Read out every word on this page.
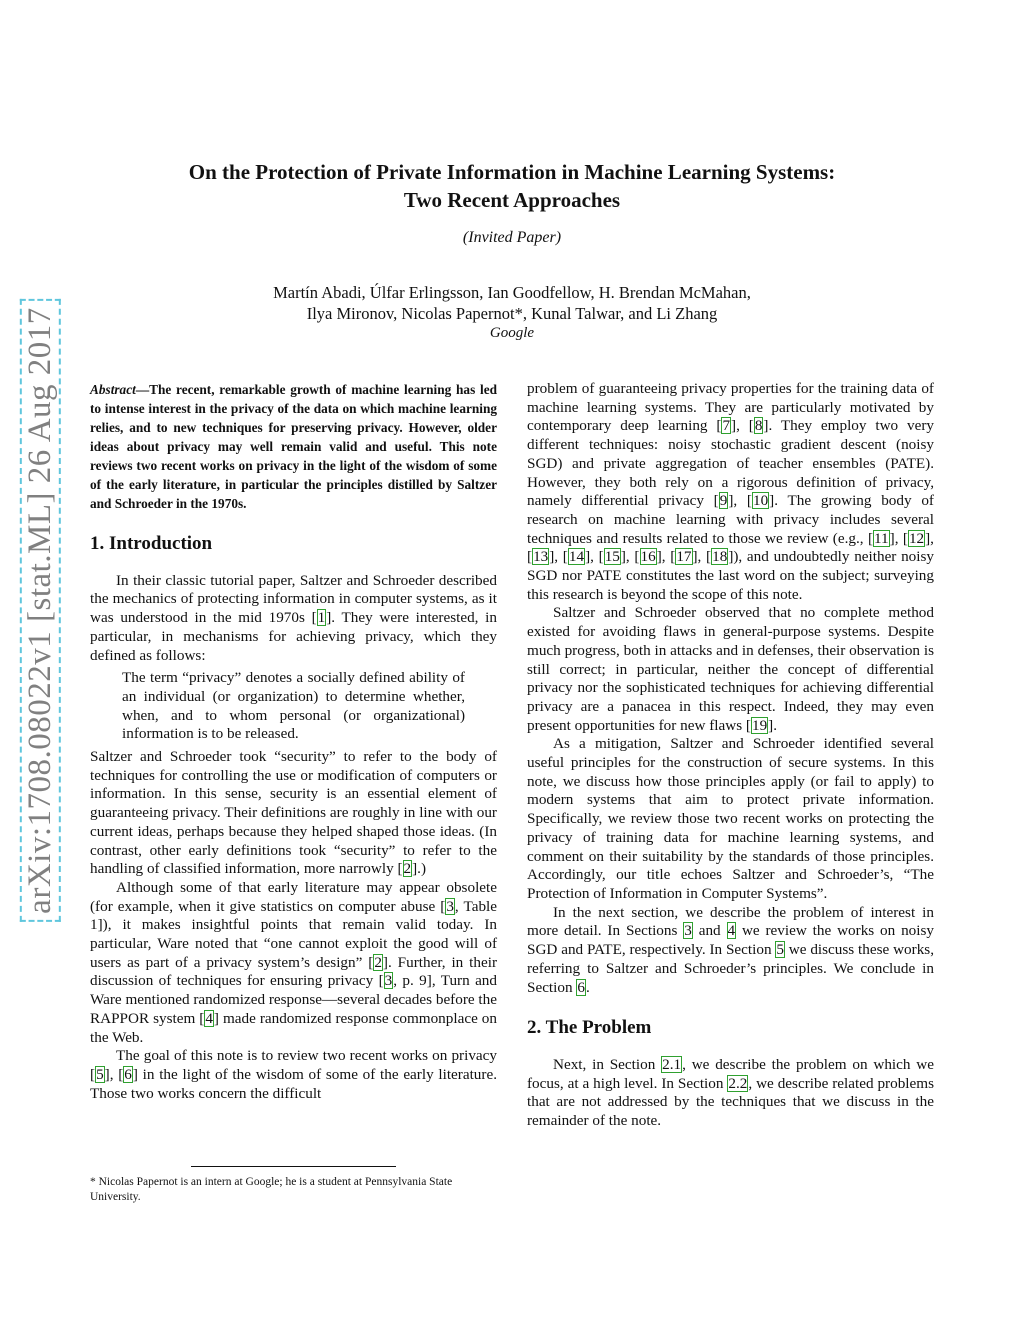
arXiv:1708.08022v1 [stat.ML] 26 Aug 2017
On the Protection of Private Information in Machine Learning Systems:
Two Recent Approaches
(Invited Paper)
Martín Abadi, Úlfar Erlingsson, Ian Goodfellow, H. Brendan McMahan,
Ilya Mironov, Nicolas Papernot*, Kunal Talwar, and Li Zhang
Google

Abstract—The recent, remarkable growth of machine learning has led to intense interest in the privacy of the data on which machine learning relies, and to new techniques for preserving privacy. However, older ideas about privacy may well remain valid and useful. This note reviews two recent works on privacy in the light of the wisdom of some of the early literature, in particular the principles distilled by Saltzer and Schroeder in the 1970s.

1. Introduction

In their classic tutorial paper, Saltzer and Schroeder described the mechanics of protecting information in computer systems, as it was understood in the mid 1970s [1]. They were interested, in particular, in mechanisms for achieving privacy, which they defined as follows:

The term “privacy” denotes a socially defined ability of an individual (or organization) to determine whether, when, and to whom personal (or organizational) information is to be released.

Saltzer and Schroeder took “security” to refer to the body of techniques for controlling the use or modification of computers or information. In this sense, security is an essential element of guaranteeing privacy. Their definitions are roughly in line with our current ideas, perhaps because they helped shaped those ideas. (In contrast, other early definitions took “security” to refer to the handling of classified information, more narrowly [2].)

Although some of that early literature may appear obsolete (for example, when it give statistics on computer abuse [3, Table 1]), it makes insightful points that remain valid today. In particular, Ware noted that “one cannot exploit the good will of users as part of a privacy system’s design” [2]. Further, in their discussion of techniques for ensuring privacy [3, p. 9], Turn and Ware mentioned randomized response—several decades before the RAPPOR system [4] made randomized response commonplace on the Web.

The goal of this note is to review two recent works on privacy [5], [6] in the light of the wisdom of some of the early literature. Those two works concern the difficult

* Nicolas Papernot is an intern at Google; he is a student at Pennsylvania State University.

problem of guaranteeing privacy properties for the training data of machine learning systems. They are particularly motivated by contemporary deep learning [7], [8]. They employ two very different techniques: noisy stochastic gradient descent (noisy SGD) and private aggregation of teacher ensembles (PATE). However, they both rely on a rigorous definition of privacy, namely differential privacy [9], [10]. The growing body of research on machine learning with privacy includes several techniques and results related to those we review (e.g., [11], [12], [13], [14], [15], [16], [17], [18]), and undoubtedly neither noisy SGD nor PATE constitutes the last word on the subject; surveying this research is beyond the scope of this note.

Saltzer and Schroeder observed that no complete method existed for avoiding flaws in general-purpose systems. Despite much progress, both in attacks and in defenses, their observation is still correct; in particular, neither the concept of differential privacy nor the sophisticated techniques for achieving differential privacy are a panacea in this respect. Indeed, they may even present opportunities for new flaws [19].

As a mitigation, Saltzer and Schroeder identified several useful principles for the construction of secure systems. In this note, we discuss how those principles apply (or fail to apply) to modern systems that aim to protect private information. Specifically, we review those two recent works on protecting the privacy of training data for machine learning systems, and comment on their suitability by the standards of those principles. Accordingly, our title echoes Saltzer and Schroeder’s, “The Protection of Information in Computer Systems”.

In the next section, we describe the problem of interest in more detail. In Sections 3 and 4 we review the works on noisy SGD and PATE, respectively. In Section 5 we discuss these works, referring to Saltzer and Schroeder’s principles. We conclude in Section 6.

2. The Problem

Next, in Section 2.1, we describe the problem on which we focus, at a high level. In Section 2.2, we describe related problems that are not addressed by the techniques that we discuss in the remainder of the note.
